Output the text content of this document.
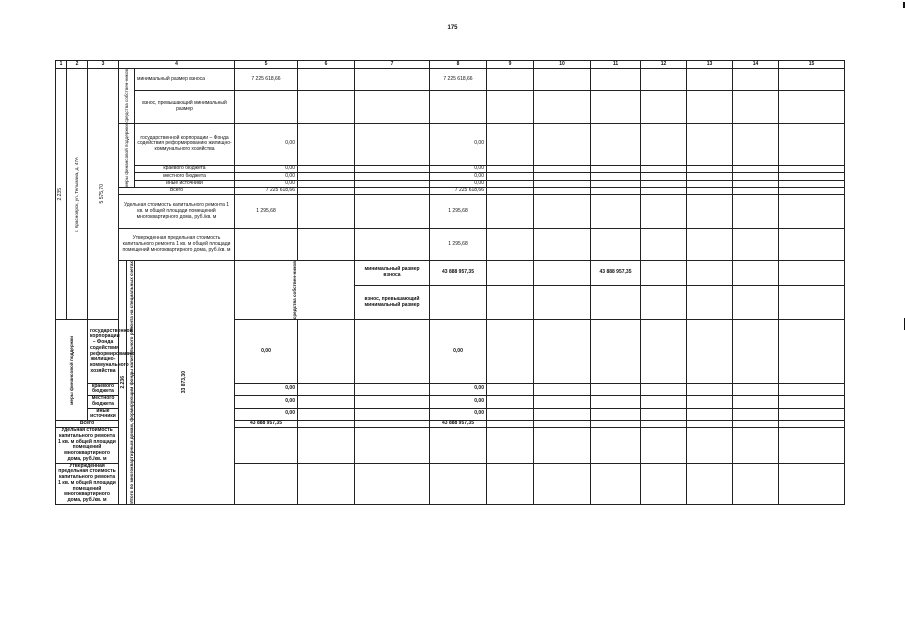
175
1	2	3	4			5	6	7	8	9	10	11	12	13	14	15	

2.235	г. Красноярск, ул. Тельмана, д. 47А	5 575,70	средства собствен-ников		минимальный размер взноса	7 225 618,66			7 225 618,66								
					взнос, превышающий минимальный размер												

			меры финансовой поддержки		государственной корпорации – Фонда содействия реформированию жилищно-коммунального хозяйства	0,00			0,00								
					краевого бюджета	0,00			0,00								
					местного бюджета	0,00			0,00								
					иные источники	0,00			0,00								
			Всего			7 225 618,66			7 225 618,66								
			Удельная стоимость капитального ремонта 1 кв. м общей площади помещений многоквартирного дома, руб./кв. м			1 295,68			1 295,68								
			Утвержденная предельная стоимость капитального ремонта 1 кв. м общей площади помещений многоквартирного дома, руб./кв. м						1 295,68								

			2.236	Итого по многоквартирным домам, формирующим фонды капитального ремонта на специальных счетах	33 873,30	средства собствен-ников		минимальный размер взноса	43 888 957,35			43 888 957,35							
								взнос, превышающий минимальный размер											

меры финансовой поддержки		государственной корпорации – Фонда содействия реформированию жилищно-коммунального хозяйства				0,00			0,00								
		краевого бюджета				0,00			0,00								
		местного бюджета				0,00			0,00								
		иные источники				0,00			0,00								
Всего						43 888 957,35			43 888 957,35								
Удельная стоимость капитального ремонта 1 кв. м общей площади помещений многоквартирного дома, руб./кв. м																	
Утвержденная предельная стоимость капитального ремонта 1 кв. м общей площади помещений многоквартирного дома, руб./кв. м																	
